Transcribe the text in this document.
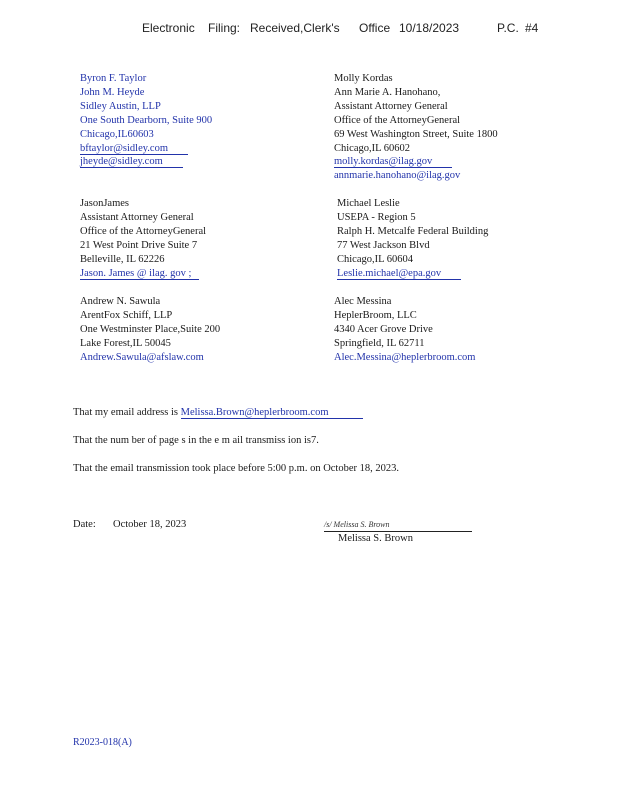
Electronic Filing: Received,Clerk's Office 10/18/2023	P.C. #4
Byron F. Taylor
John M. Heyde
Sidley Austin, LLP
One South Dearborn, Suite 900
Chicago,IL60603
bftaylor@sidley.com
jheyde@sidley.com
Molly Kordas
Ann Marie A. Hanohano,
Assistant Attorney General
Office of the AttorneyGeneral
69 West Washington Street, Suite 1800
Chicago,IL 60602
molly.kordas@ilag.gov
annmarie.hanohano@ilag.gov
JasonJames
Assistant Attorney General
Office of the AttorneyGeneral
21 West Point Drive Suite 7
Belleville, IL 62226
Jason. James @ ilag. gov ;
Michael Leslie
USEPA - Region 5
Ralph H. Metcalfe Federal Building
77 West Jackson Blvd
Chicago,IL 60604
Leslie.michael@epa.gov
Andrew N. Sawula
ArentFox Schiff, LLP
One Westminster Place,Suite 200
Lake Forest,IL 50045
Andrew.Sawula@afslaw.com
Alec Messina
HeplerBroom, LLC
4340 Acer Grove Drive
Springfield, IL 62711
Alec.Messina@heplerbroom.com
That my email address is Melissa.Brown@heplerbroom.com
That the num ber of page s in the e m ail transmiss ion is7.
That the email transmission took place before 5:00 p.m. on October 18, 2023.
Date: October 18, 2023	/s/ Melissa S. Brown
Melissa S. Brown
R2023-018(A)
